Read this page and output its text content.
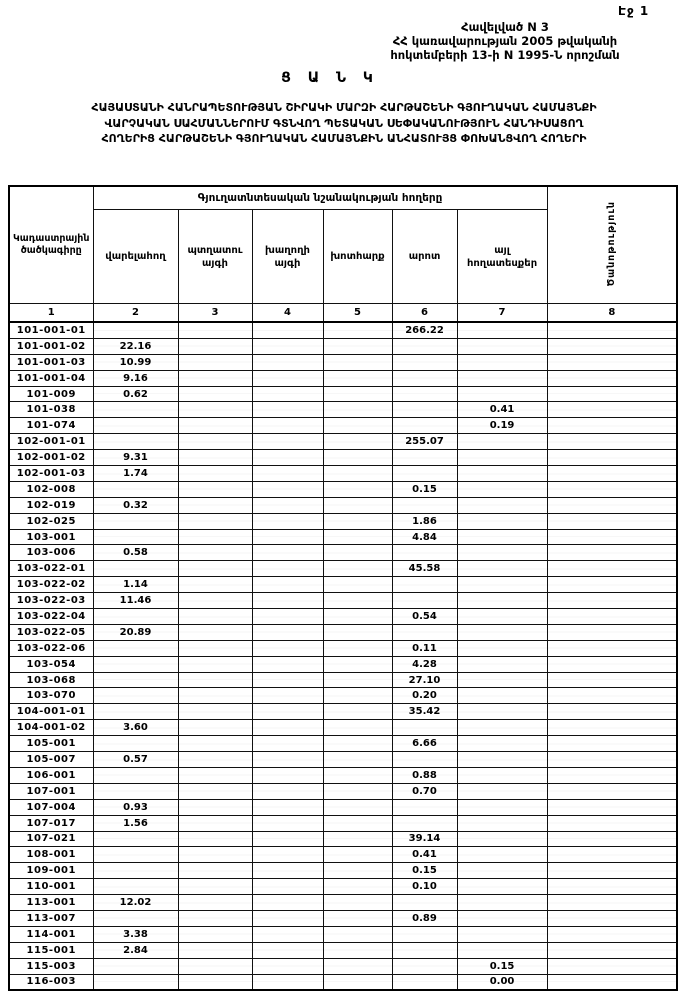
Էջ 1
Հավելված N 3
ՀՀ կառավարության 2005 թվականի
հոկտեմբերի 13-ի N 1995-Ն որոշման
Ց Ա Ն Կ
ՀԱՅԱՍՏԱՆԻ ՀԱՆՐԱՊԵՏՈՒԹՅԱՆ ՇԻՐԱԿԻ ՄԱՐԶԻ ՀԱՐԹԱՇԵՆԻ ԳՅՈՒՂԱԿԱՆ ՀԱՄԱՅՆՔԻ
ՎԱՐՉԱԿԱՆ ՍԱՀՄԱՆՆԵՐՈՒՄ ԳՏՆՎՈՂ ՊԵՏԱԿԱՆ ՍԵՓԱԿԱՆՈՒԹՅՈՒՆ ՀԱՆԴԻՍԱՑՈՂ
ՀՈՂԵՐԻՑ ՀԱՐԹԱՇԵՆԻ ԳՅՈՒՂԱԿԱՆ ՀԱՄԱՅՆՔԻՆ ԱՆՀԱՏՈՒՅՑ ՓՈԽԱՆՑՎՈՂ ՀՈՂԵՐԻ
Կադաստրային ծածկագիրը	Գյուղատնտեսական նշանակության հողերը						Ծանոթություն
	վարելահող	պտղատու այգի	խաղողի այգի	խոտհարք	արոտ	այլ հողատեսքեր	
1	2	3	4	5	6	7	8
101-001-01					266.22		
101-001-02	22.16						
101-001-03	10.99						
101-001-04	9.16						
101-009	0.62						
101-038						0.41	
101-074						0.19	
102-001-01					255.07		
102-001-02	9.31						
102-001-03	1.74						
102-008					0.15		
102-019	0.32						
102-025					1.86		
103-001					4.84		
103-006	0.58						
103-022-01					45.58		
103-022-02	1.14						
103-022-03	11.46						
103-022-04					0.54		
103-022-05	20.89						
103-022-06					0.11		
103-054					4.28		
103-068					27.10		
103-070					0.20		
104-001-01					35.42		
104-001-02	3.60						
105-001					6.66		
105-007	0.57						
106-001					0.88		
107-001					0.70		
107-004	0.93						
107-017	1.56						
107-021					39.14		
108-001					0.41		
109-001					0.15		
110-001					0.10		
113-001	12.02						
113-007					0.89		
114-001	3.38						
115-001	2.84						
115-003						0.15	
116-003						0.00	
